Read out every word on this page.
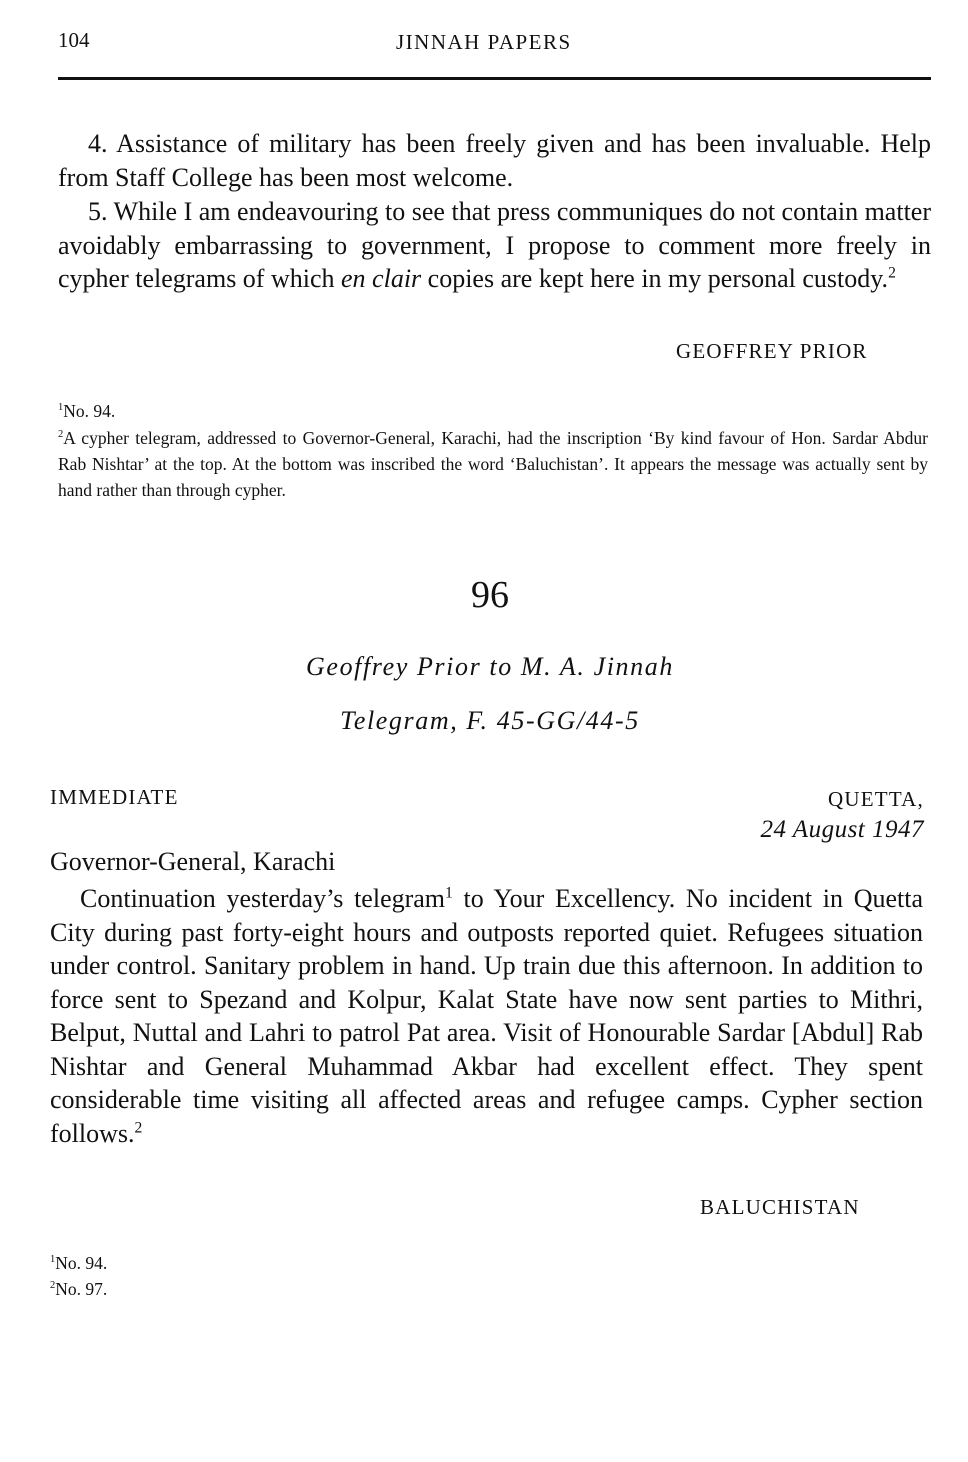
104	JINNAH PAPERS

4. Assistance of military has been freely given and has been invaluable. Help from Staff College has been most welcome.

5. While I am endeavouring to see that press communiques do not contain matter avoidably embarrassing to government, I propose to comment more freely in cypher telegrams of which en clair copies are kept here in my personal custody.$^2$

GEOFFREY PRIOR

$^1$No. 94.

$^2$A cypher telegram, addressed to Governor-General, Karachi, had the inscription ‘By kind favour of Hon. Sardar Abdur Rab Nishtar’ at the top. At the bottom was inscribed the word ‘Baluchistan’. It appears the message was actually sent by hand rather than through cypher.

96
Geoffrey Prior to M. A. Jinnah
Telegram, F. 45-GG/44-5
IMMEDIATE	QUETTA,
24 August 1947
Governor-General, Karachi

Continuation yesterday’s telegram$^1$ to Your Excellency. No incident in Quetta City during past forty-eight hours and outposts reported quiet. Refugees situation under control. Sanitary problem in hand. Up train due this afternoon. In addition to force sent to Spezand and Kolpur, Kalat State have now sent parties to Mithri, Belput, Nuttal and Lahri to patrol Pat area. Visit of Honourable Sardar [Abdul] Rab Nishtar and General Muhammad Akbar had excellent effect. They spent considerable time visiting all affected areas and refugee camps. Cypher section follows.$^2$

BALUCHISTAN

$^1$No. 94.

$^2$No. 97.
